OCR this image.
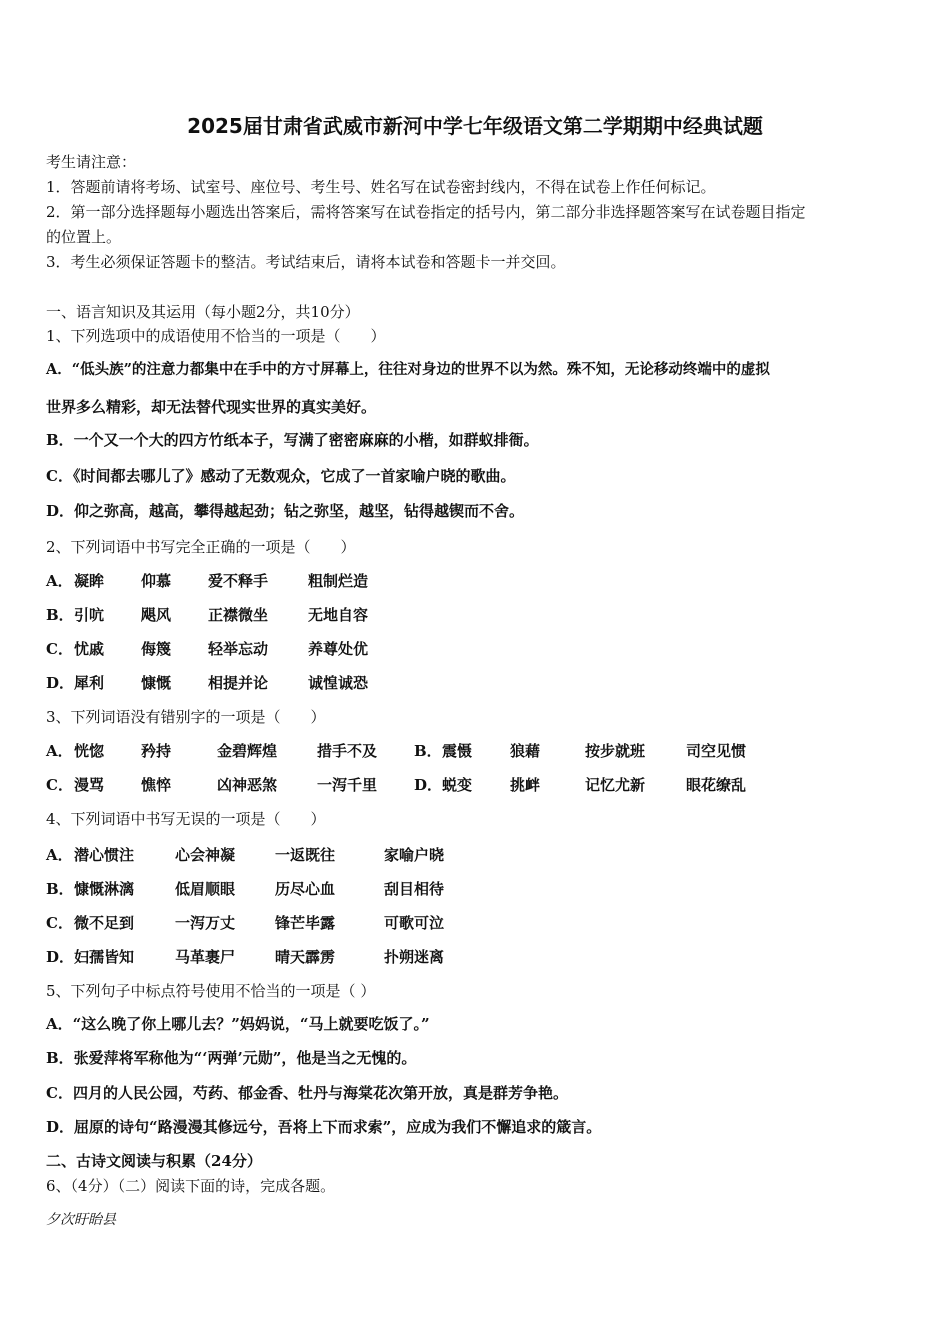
2025届甘肃省武威市新河中学七年级语文第二学期期中经典试题
考生请注意：
1．答题前请将考场、试室号、座位号、考生号、姓名写在试卷密封线内，不得在试卷上作任何标记。
2．第一部分选择题每小题选出答案后，需将答案写在试卷指定的括号内，第二部分非选择题答案写在试卷题目指定
的位置上。
3．考生必须保证答题卡的整洁。考试结束后，请将本试卷和答题卡一并交回。
一、语言知识及其运用（每小题2分，共10分）
1、下列选项中的成语使用不恰当的一项是（　　）
A．“低头族”的注意力都集中在手中的方寸屏幕上，往往对身边的世界不以为然。殊不知，无论移动终端中的虚拟
世界多么精彩，却无法替代现实世界的真实美好。
B．一个又一个大的四方竹纸本子，写满了密密麻麻的小楷，如群蚁排衙。
C．《时间都去哪儿了》感动了无数观众，它成了一首家喻户晓的歌曲。
D．仰之弥高，越高，攀得越起劲；钻之弥坚，越坚，钻得越锲而不舍。
2、下列词语中书写完全正确的一项是（　　）
A．凝眸 仰慕 爱不释手	粗制烂造
B．引吭 飓风 正襟微坐	无地自容
C．忧戚 侮篾 轻举忘动	养尊处优
D．犀利 慷慨 相提并论	诚惶诚恐
3、下列词语没有错别字的一项是（　　）
A．恍惚 矜持	金碧辉煌	措手不及 B．震慑	狼藉	按步就班	司空见惯
C．漫骂 憔悴	凶神恶煞	一泻千里 D．蜕变	挑衅	记忆尤新	眼花缭乱
4、下列词语中书写无误的一项是（　　）
A．潜心惯注	心会神凝	一返既往	家喻户晓
B．慷慨淋漓	低眉顺眼	历尽心血	刮目相待
C．微不足到	一泻万丈	锋芒毕露	可歌可泣
D．妇孺皆知	马革裹尸	晴天霹雳	扑朔迷离
5、下列句子中标点符号使用不恰当的一项是（ ）
A．“这么晚了你上哪儿去？”妈妈说，“马上就要吃饭了。”
B．张爱萍将军称他为“‘两弹’元勋”，他是当之无愧的。
C．四月的人民公园，芍药、郁金香、牡丹与海棠花次第开放，真是群芳争艳。
D．屈原的诗句“路漫漫其修远兮，吾将上下而求索”，应成为我们不懈追求的箴言。
二、古诗文阅读与积累（24分）
6、（4分）（二）阅读下面的诗，完成各题。
夕次盱眙县
